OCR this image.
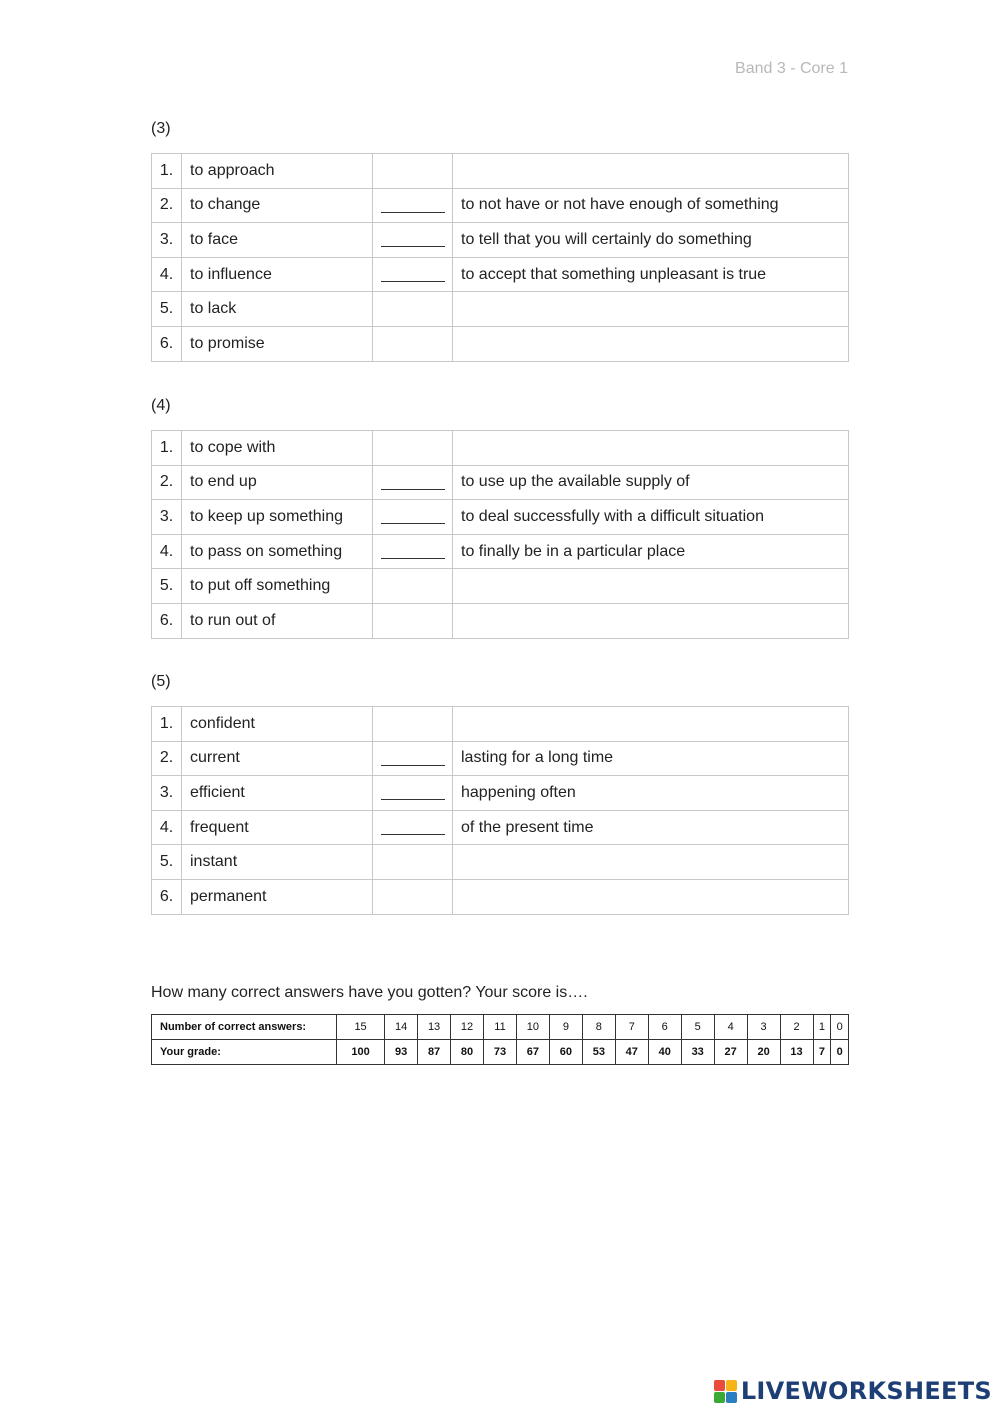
Band 3 - Core 1
(3)
1.	to approach		
2.	to change		to not have or not have enough of something
3.	to face		to tell that you will certainly do something
4.	to influence		to accept that something unpleasant is true
5.	to lack		
6.	to promise		
(4)
1.	to cope with		
2.	to end up		to use up the available supply of
3.	to keep up something		to deal successfully with a difficult situation
4.	to pass on something		to finally be in a particular place
5.	to put off something		
6.	to run out of		
(5)
1.	confident		
2.	current		lasting for a long time
3.	efficient		happening often
4.	frequent		of the present time
5.	instant		
6.	permanent		
How many correct answers have you gotten? Your score is….
Number of correct answers:	15	14	13	12	11	10	9	8	7	6	5	4	3	2	1	0
Your grade:	100	93	87	80	73	67	60	53	47	40	33	27	20	13	7	0
LIVEWORKSHEETS
